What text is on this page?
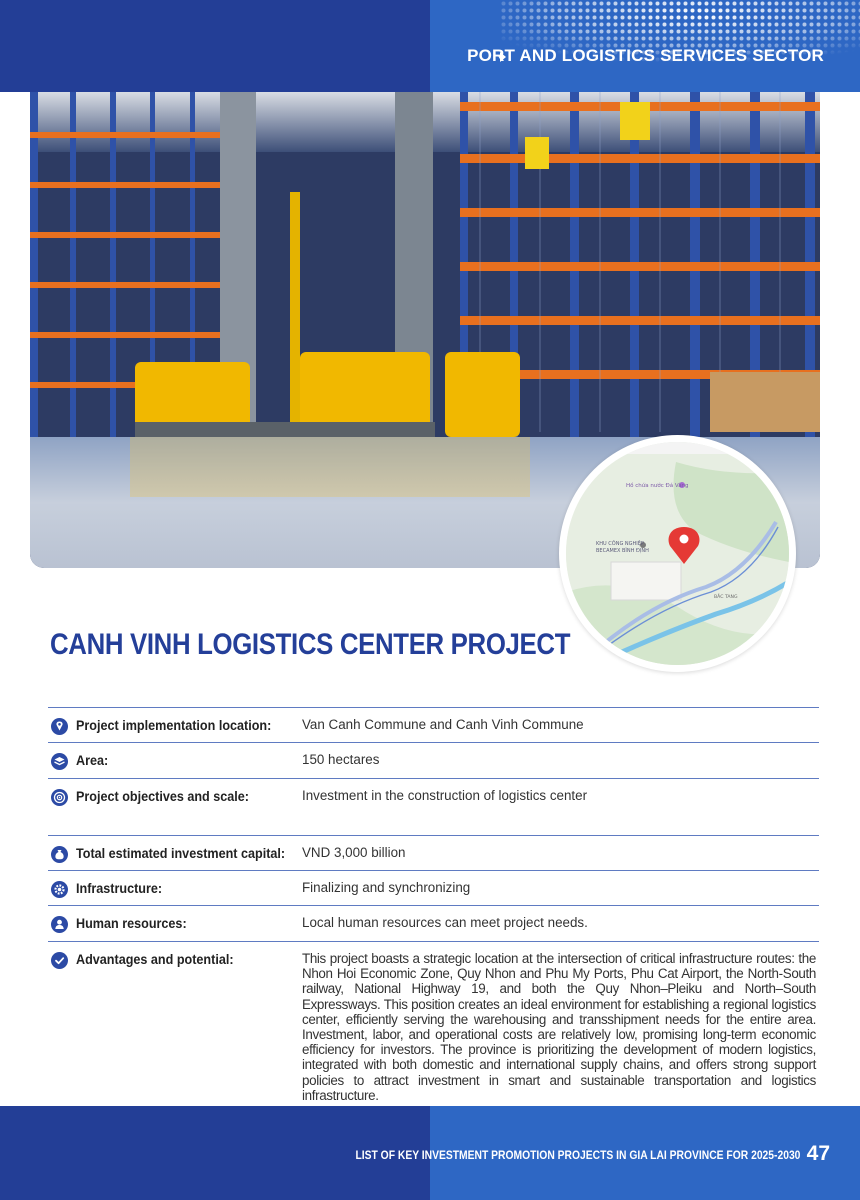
PORT AND LOGISTICS SERVICES SECTOR
Hồ chứa nước Đá Vàng
KHU CÔNG NGHIỆP
BECAMEX BÌNH ĐỊNH
BẮC TANG
CANH VINH LOGISTICS CENTER PROJECT
Project implementation location: Van Canh Commune and Canh Vinh Commune
Area:	150 hectares
Project objectives and scale:	Investment in the construction of logistics center
Total estimated investment capital: VND 3,000 billion
Infrastructure:	Finalizing and synchronizing
Human resources:	Local human resources can meet project needs.
Advantages and potential:	This project boasts a strategic location at the intersection of critical infrastructure routes: the Nhon Hoi Economic Zone, Quy Nhon and Phu My Ports, Phu Cat Airport, the North-South railway, National Highway 19, and both the Quy Nhon–Pleiku and North–South Expressways. This position creates an ideal environment for establishing a regional logistics center, efficiently serving the warehousing and transshipment needs for the entire area. Investment, labor, and operational costs are relatively low, promising long-term economic efficiency for investors. The province is prioritizing the development of modern logistics, integrated with both domestic and international supply chains, and offers strong support policies to attract investment in smart and sustainable transportation and logistics infrastructure.
LIST OF KEY INVESTMENT PROMOTION PROJECTS IN GIA LAI PROVINCE FOR 2025-2030 47
